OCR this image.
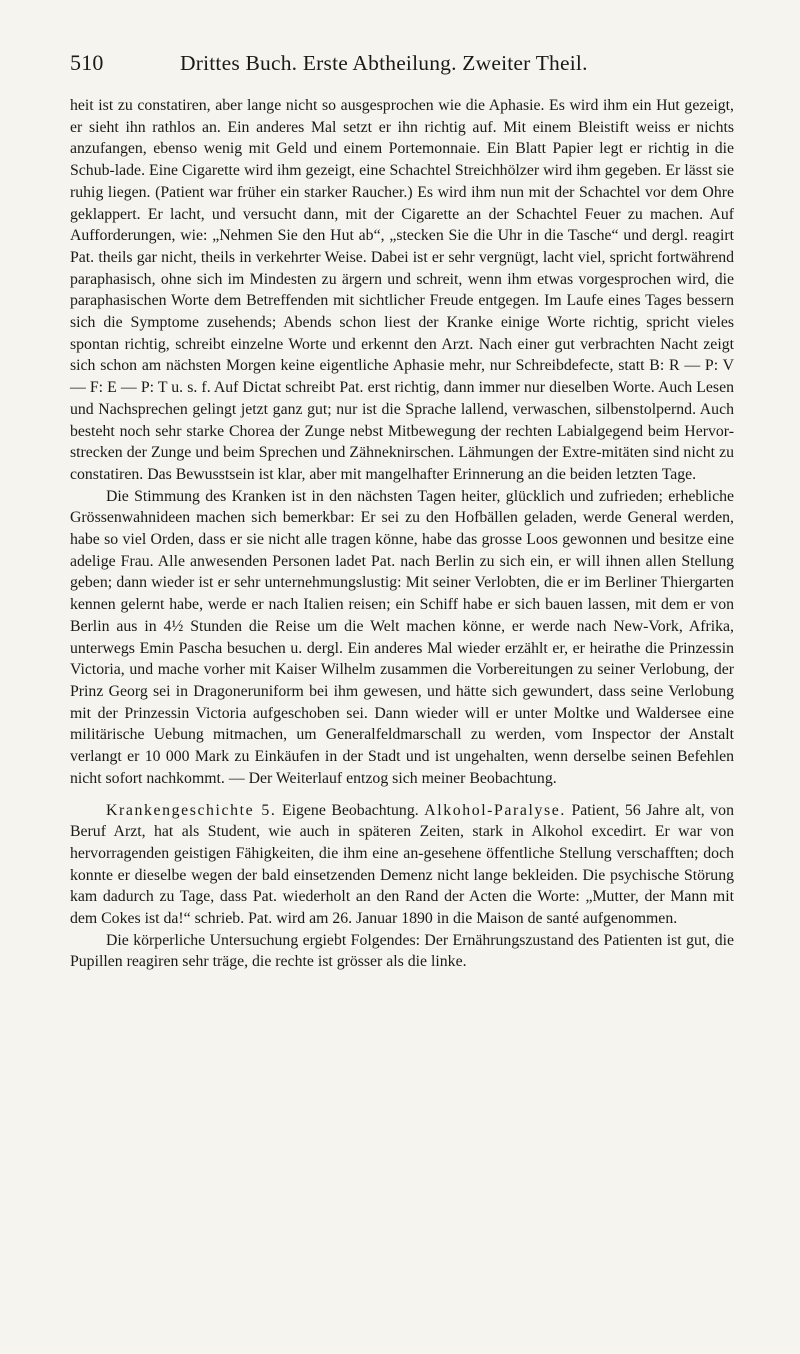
510	Drittes Buch. Erste Abtheilung. Zweiter Theil.

heit ist zu constatiren, aber lange nicht so ausgesprochen wie die Aphasie. Es wird ihm ein Hut gezeigt, er sieht ihn rathlos an. Ein anderes Mal setzt er ihn richtig auf. Mit einem Bleistift weiss er nichts anzufangen, ebenso wenig mit Geld und einem Portemonnaie. Ein Blatt Papier legt er richtig in die Schub-lade. Eine Cigarette wird ihm gezeigt, eine Schachtel Streichhölzer wird ihm gegeben. Er lässt sie ruhig liegen. (Patient war früher ein starker Raucher.) Es wird ihm nun mit der Schachtel vor dem Ohre geklappert. Er lacht, und versucht dann, mit der Cigarette an der Schachtel Feuer zu machen. Auf Aufforderungen, wie: „Nehmen Sie den Hut ab“, „stecken Sie die Uhr in die Tasche“ und dergl. reagirt Pat. theils gar nicht, theils in verkehrter Weise. Dabei ist er sehr vergnügt, lacht viel, spricht fortwährend paraphasisch, ohne sich im Mindesten zu ärgern und schreit, wenn ihm etwas vorgesprochen wird, die paraphasischen Worte dem Betreffenden mit sichtlicher Freude entgegen. Im Laufe eines Tages bessern sich die Symptome zusehends; Abends schon liest der Kranke einige Worte richtig, spricht vieles spontan richtig, schreibt einzelne Worte und erkennt den Arzt. Nach einer gut verbrachten Nacht zeigt sich schon am nächsten Morgen keine eigentliche Aphasie mehr, nur Schreibdefecte, statt B: R — P: V — F: E — P: T u. s. f. Auf Dictat schreibt Pat. erst richtig, dann immer nur dieselben Worte. Auch Lesen und Nachsprechen gelingt jetzt ganz gut; nur ist die Sprache lallend, verwaschen, silbenstolpernd. Auch besteht noch sehr starke Chorea der Zunge nebst Mitbewegung der rechten Labialgegend beim Hervor-strecken der Zunge und beim Sprechen und Zähneknirschen. Lähmungen der Extre-mitäten sind nicht zu constatiren. Das Bewusstsein ist klar, aber mit mangelhafter Erinnerung an die beiden letzten Tage.

Die Stimmung des Kranken ist in den nächsten Tagen heiter, glücklich und zufrieden; erhebliche Grössenwahnideen machen sich bemerkbar: Er sei zu den Hofbällen geladen, werde General werden, habe so viel Orden, dass er sie nicht alle tragen könne, habe das grosse Loos gewonnen und besitze eine adelige Frau. Alle anwesenden Personen ladet Pat. nach Berlin zu sich ein, er will ihnen allen Stellung geben; dann wieder ist er sehr unternehmungslustig: Mit seiner Verlobten, die er im Berliner Thiergarten kennen gelernt habe, werde er nach Italien reisen; ein Schiff habe er sich bauen lassen, mit dem er von Berlin aus in 4½ Stunden die Reise um die Welt machen könne, er werde nach New-Vork, Afrika, unterwegs Emin Pascha besuchen u. dergl. Ein anderes Mal wieder erzählt er, er heirathe die Prinzessin Victoria, und mache vorher mit Kaiser Wilhelm zusammen die Vorbereitungen zu seiner Verlobung, der Prinz Georg sei in Dragoneruniform bei ihm gewesen, und hätte sich gewundert, dass seine Verlobung mit der Prinzessin Victoria aufgeschoben sei. Dann wieder will er unter Moltke und Waldersee eine militärische Uebung mitmachen, um Generalfeldmarschall zu werden, vom Inspector der Anstalt verlangt er 10 000 Mark zu Einkäufen in der Stadt und ist ungehalten, wenn derselbe seinen Befehlen nicht sofort nachkommt. — Der Weiterlauf entzog sich meiner Beobachtung.

Krankengeschichte 5. Eigene Beobachtung. Alkohol-Paralyse. Patient, 56 Jahre alt, von Beruf Arzt, hat als Student, wie auch in späteren Zeiten, stark in Alkohol excedirt. Er war von hervorragenden geistigen Fähigkeiten, die ihm eine an-gesehene öffentliche Stellung verschafften; doch konnte er dieselbe wegen der bald einsetzenden Demenz nicht lange bekleiden. Die psychische Störung kam dadurch zu Tage, dass Pat. wiederholt an den Rand der Acten die Worte: „Mutter, der Mann mit dem Cokes ist da!“ schrieb. Pat. wird am 26. Januar 1890 in die Maison de santé aufgenommen.

Die körperliche Untersuchung ergiebt Folgendes: Der Ernährungszustand des Patienten ist gut, die Pupillen reagiren sehr träge, die rechte ist grösser als die linke.
